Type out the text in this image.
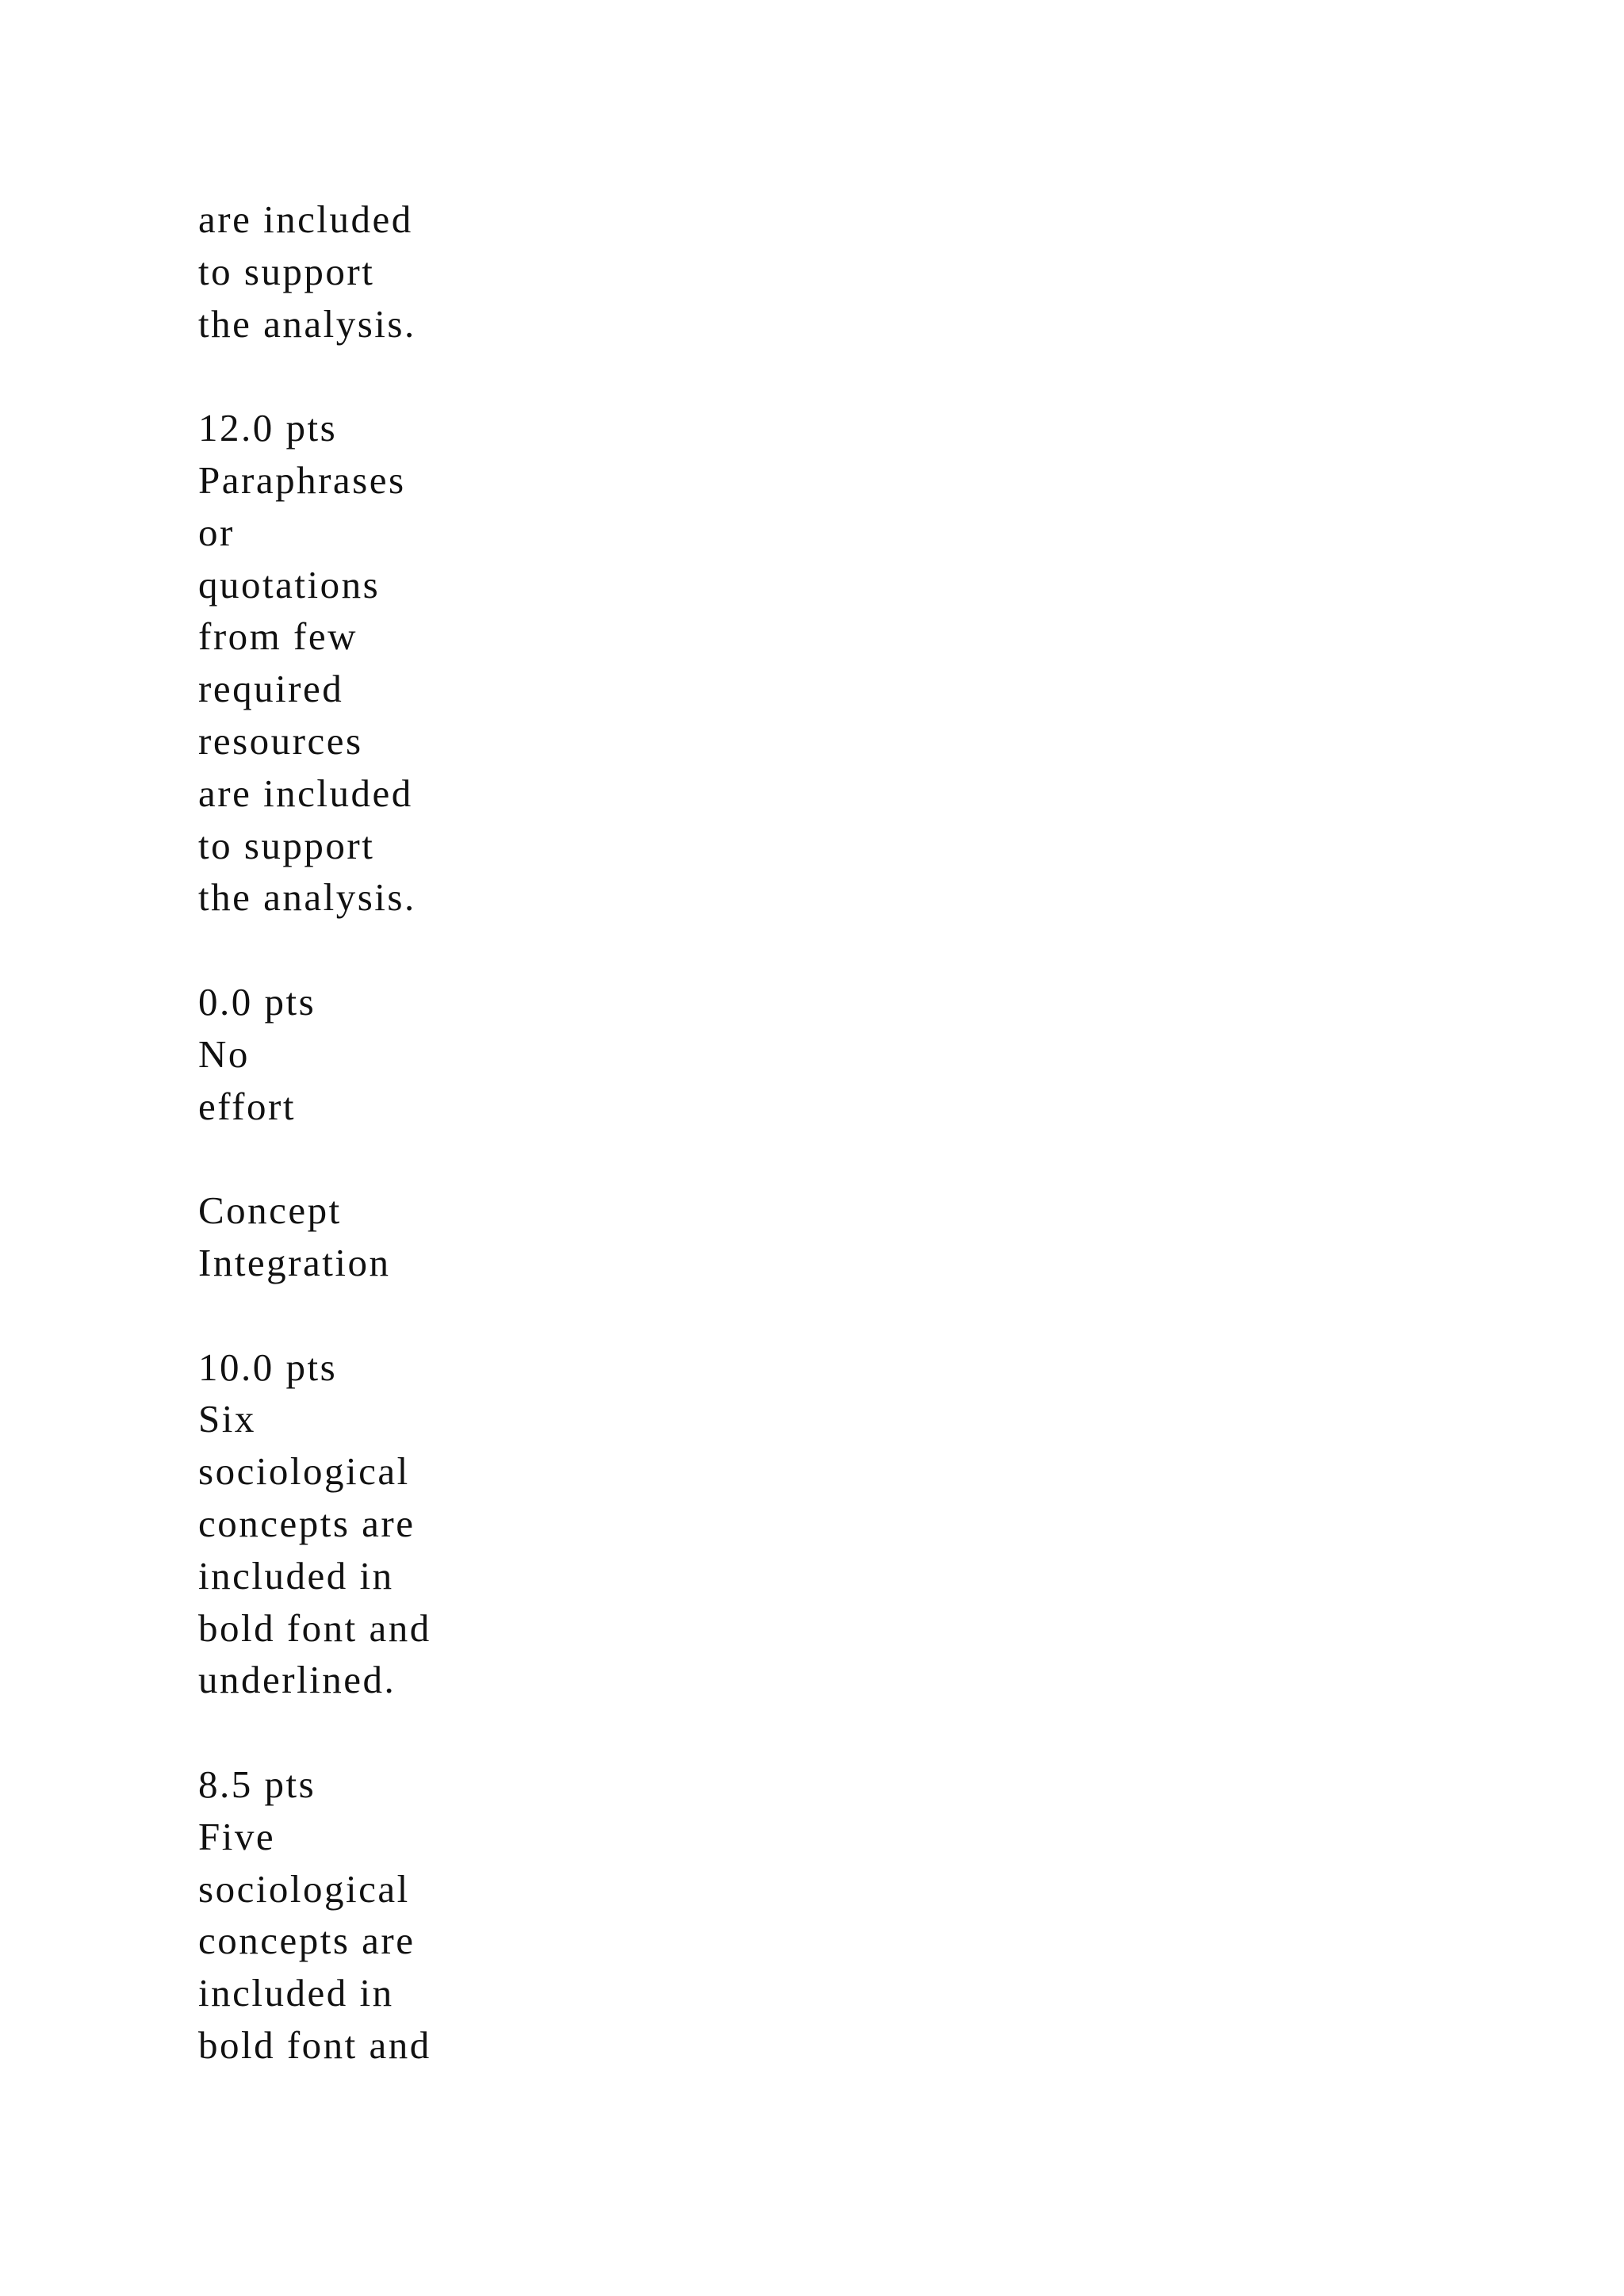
are included
to support
the analysis.
12.0 pts
Paraphrases
or
quotations
from few
required
resources
are included
to support
the analysis.
0.0 pts
No
effort
Concept
Integration
10.0 pts
Six
sociological
concepts are
included in
bold font and
underlined.
8.5 pts
Five
sociological
concepts are
included in
bold font and
